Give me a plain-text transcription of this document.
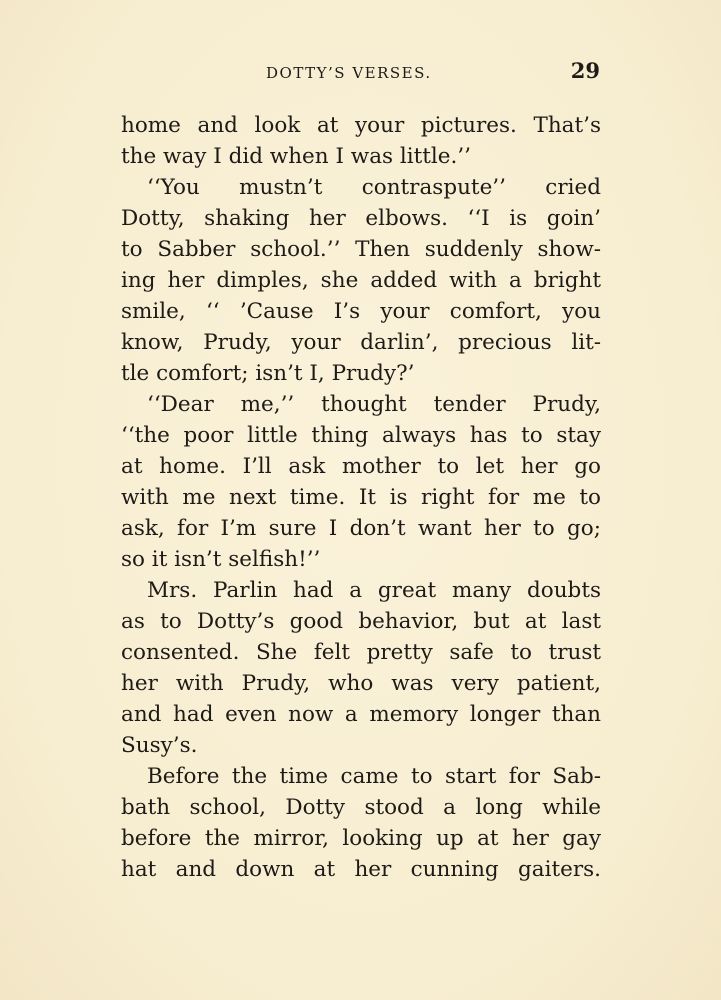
DOTTY’S VERSES.	29
home and look at your pictures. That’s
the way I did when I was little.’’
‘‘You mustn’t contraspute’’ cried
Dotty, shaking her elbows. ‘‘I is goin’
to Sabber school.’’ Then suddenly show-
ing her dimples, she added with a bright
smile, ‘‘ ’Cause I’s your comfort, you
know, Prudy, your darlin’, precious lit-
tle comfort; isn’t I, Prudy?’
‘‘Dear me,’’ thought tender Prudy,
‘‘the poor little thing always has to stay
at home. I’ll ask mother to let her go
with me next time. It is right for me to
ask, for I’m sure I don’t want her to go;
so it isn’t selfish!’’
Mrs. Parlin had a great many doubts
as to Dotty’s good behavior, but at last
consented. She felt pretty safe to trust
her with Prudy, who was very patient,
and had even now a memory longer than
Susy’s.
Before the time came to start for Sab-
bath school, Dotty stood a long while
before the mirror, looking up at her gay
hat and down at her cunning gaiters.
